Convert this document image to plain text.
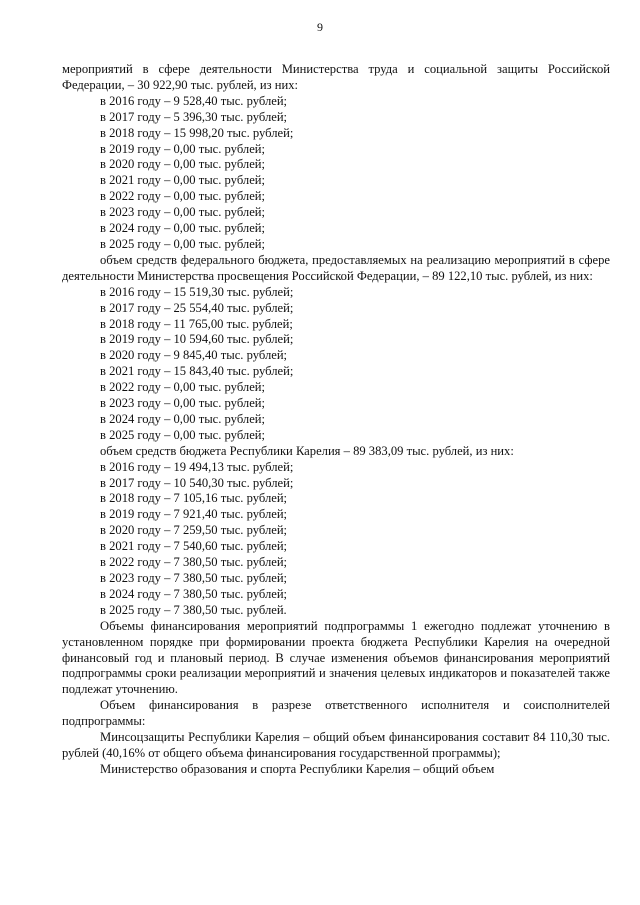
9

мероприятий в сфере деятельности Министерства труда и социальной защиты Российской Федерации, – 30 922,90 тыс. рублей, из них:

в 2016 году – 9 528,40 тыс. рублей;

в 2017 году – 5 396,30 тыс. рублей;

в 2018 году – 15 998,20 тыс. рублей;

в 2019 году – 0,00 тыс. рублей;

в 2020 году – 0,00 тыс. рублей;

в 2021 году – 0,00 тыс. рублей;

в 2022 году – 0,00 тыс. рублей;

в 2023 году – 0,00 тыс. рублей;

в 2024 году – 0,00 тыс. рублей;

в 2025 году – 0,00 тыс. рублей;

объем средств федерального бюджета, предоставляемых на реализацию мероприятий в сфере деятельности Министерства просвещения Российской Федерации, – 89 122,10 тыс. рублей, из них:

в 2016 году – 15 519,30 тыс. рублей;

в 2017 году – 25 554,40 тыс. рублей;

в 2018 году – 11 765,00 тыс. рублей;

в 2019 году – 10 594,60 тыс. рублей;

в 2020 году – 9 845,40 тыс. рублей;

в 2021 году – 15 843,40 тыс. рублей;

в 2022 году – 0,00 тыс. рублей;

в 2023 году – 0,00 тыс. рублей;

в 2024 году – 0,00 тыс. рублей;

в 2025 году – 0,00 тыс. рублей;

объем средств бюджета Республики Карелия – 89 383,09 тыс. рублей, из них:

в 2016 году – 19 494,13 тыс. рублей;

в 2017 году – 10 540,30 тыс. рублей;

в 2018 году – 7 105,16 тыс. рублей;

в 2019 году – 7 921,40 тыс. рублей;

в 2020 году – 7 259,50 тыс. рублей;

в 2021 году – 7 540,60 тыс. рублей;

в 2022 году – 7 380,50 тыс. рублей;

в 2023 году – 7 380,50 тыс. рублей;

в 2024 году – 7 380,50 тыс. рублей;

в 2025 году – 7 380,50 тыс. рублей.

Объемы финансирования мероприятий подпрограммы 1 ежегодно подлежат уточнению в установленном порядке при формировании проекта бюджета Республики Карелия на очередной финансовый год и плановый период. В случае изменения объемов финансирования мероприятий подпрограммы сроки реализации мероприятий и значения целевых индикаторов и показателей также подлежат уточнению.

Объем финансирования в разрезе ответственного исполнителя и соисполнителей подпрограммы:

Минсоцзащиты Республики Карелия – общий объем финансирования составит 84 110,30 тыс. рублей (40,16% от общего объема финансирования государственной программы);

Министерство образования и спорта Республики Карелия – общий объем
